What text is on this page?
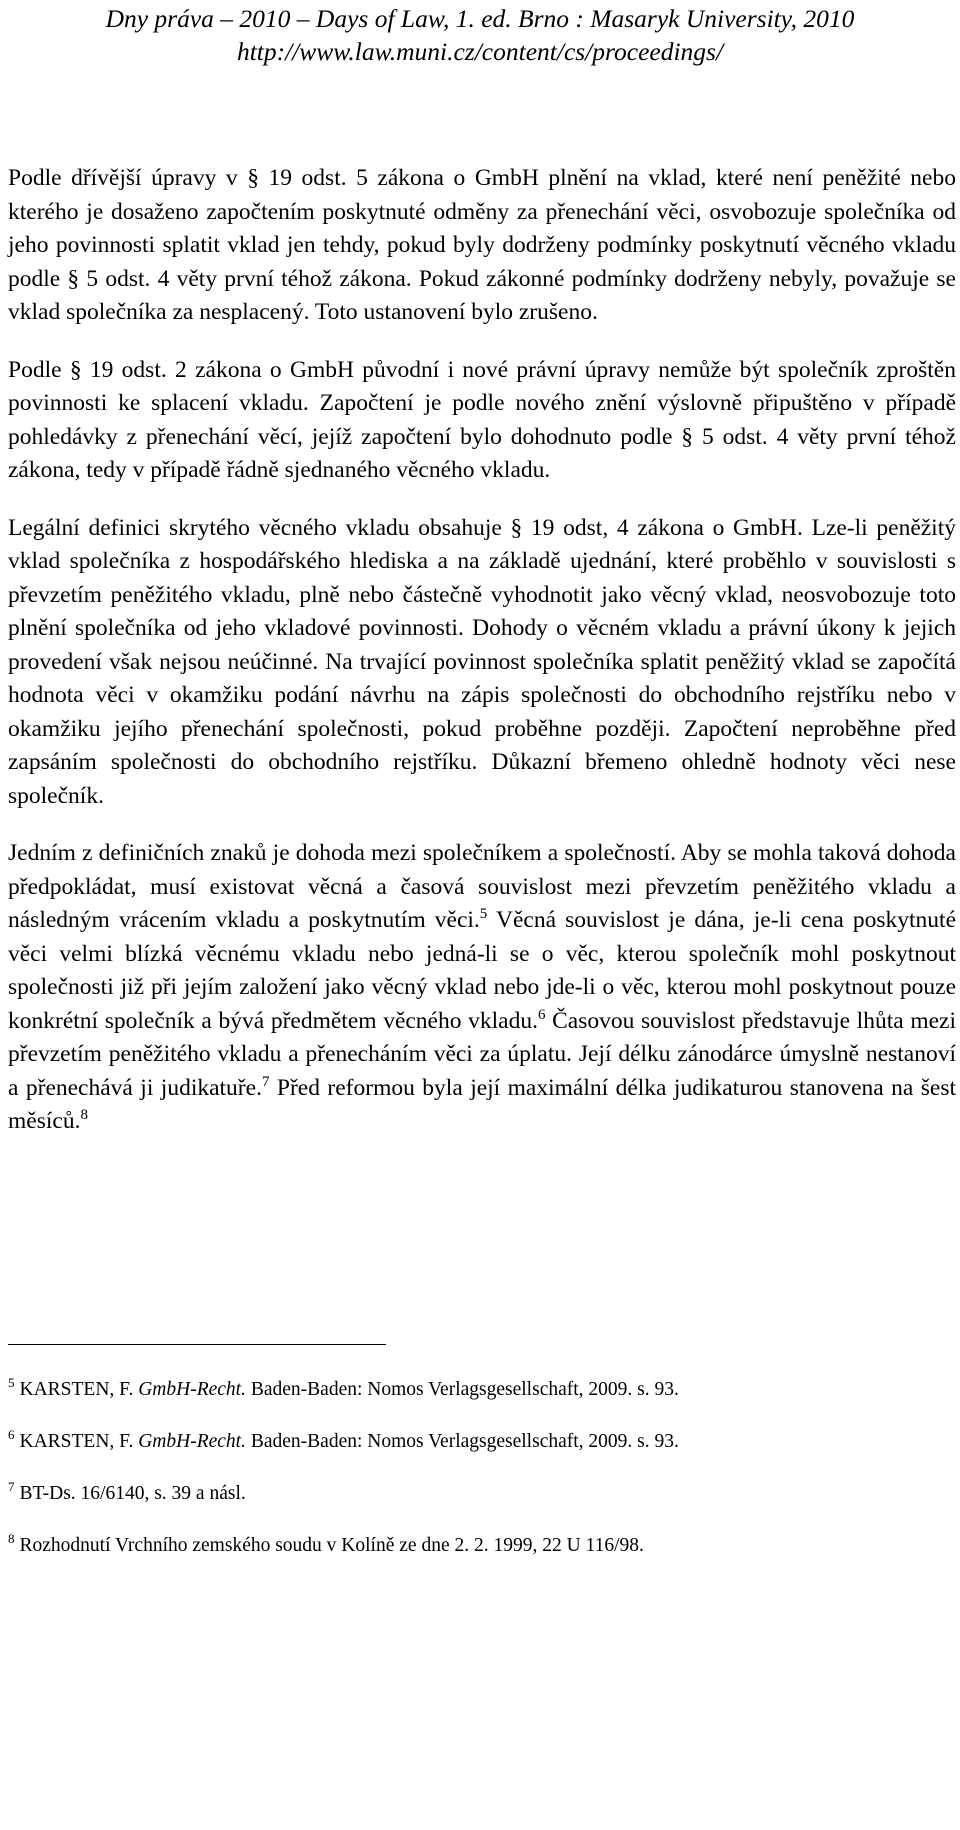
Dny práva – 2010 – Days of Law, 1. ed. Brno : Masaryk University, 2010
http://www.law.muni.cz/content/cs/proceedings/

Podle dřívější úpravy v § 19 odst. 5 zákona o GmbH plnění na vklad, které není peněžité nebo kterého je dosaženo započtením poskytnuté odměny za přenechání věci, osvobozuje společníka od jeho povinnosti splatit vklad jen tehdy, pokud byly dodrženy podmínky poskytnutí věcného vkladu podle § 5 odst. 4 věty první téhož zákona. Pokud zákonné podmínky dodrženy nebyly, považuje se vklad společníka za nesplacený. Toto ustanovení bylo zrušeno.

Podle § 19 odst. 2 zákona o GmbH původní i nové právní úpravy nemůže být společník zproštěn povinnosti ke splacení vkladu. Započtení je podle nového znění výslovně připuštěno v případě pohledávky z přenechání věcí, jejíž započtení bylo dohodnuto podle § 5 odst. 4 věty první téhož zákona, tedy v případě řádně sjednaného věcného vkladu.

Legální definici skrytého věcného vkladu obsahuje § 19 odst, 4 zákona o GmbH. Lze-li peněžitý vklad společníka z hospodářského hlediska a na základě ujednání, které proběhlo v souvislosti s převzetím peněžitého vkladu, plně nebo částečně vyhodnotit jako věcný vklad, neosvobozuje toto plnění společníka od jeho vkladové povinnosti. Dohody o věcném vkladu a právní úkony k jejich provedení však nejsou neúčinné. Na trvající povinnost společníka splatit peněžitý vklad se započítá hodnota věci v okamžiku podání návrhu na zápis společnosti do obchodního rejstříku nebo v okamžiku jejího přenechání společnosti, pokud proběhne později. Započtení neproběhne před zapsáním společnosti do obchodního rejstříku. Důkazní břemeno ohledně hodnoty věci nese společník.

Jedním z definičních znaků je dohoda mezi společníkem a společností. Aby se mohla taková dohoda předpokládat, musí existovat věcná a časová souvislost mezi převzetím peněžitého vkladu a následným vrácením vkladu a poskytnutím věci.$^5$ Věcná souvislost je dána, je-li cena poskytnuté věci velmi blízká věcnému vkladu nebo jedná-li se o věc, kterou společník mohl poskytnout společnosti již při jejím založení jako věcný vklad nebo jde-li o věc, kterou mohl poskytnout pouze konkrétní společník a bývá předmětem věcného vkladu.$^6$ Časovou souvislost představuje lhůta mezi převzetím peněžitého vkladu a přenecháním věci za úplatu. Její délku zánodárce úmyslně nestanoví a přenechává ji judikatuře.$^7$ Před reformou byla její maximální délka judikaturou stanovena na šest měsíců.$^8$

$^5$ KARSTEN, F. GmbH-Recht. Baden-Baden: Nomos Verlagsgesellschaft, 2009. s. 93.
$^6$ KARSTEN, F. GmbH-Recht. Baden-Baden: Nomos Verlagsgesellschaft, 2009. s. 93.
$^7$ BT-Ds. 16/6140, s. 39 a násl.
$^8$ Rozhodnutí Vrchního zemského soudu v Kolíně ze dne 2. 2. 1999, 22 U 116/98.
